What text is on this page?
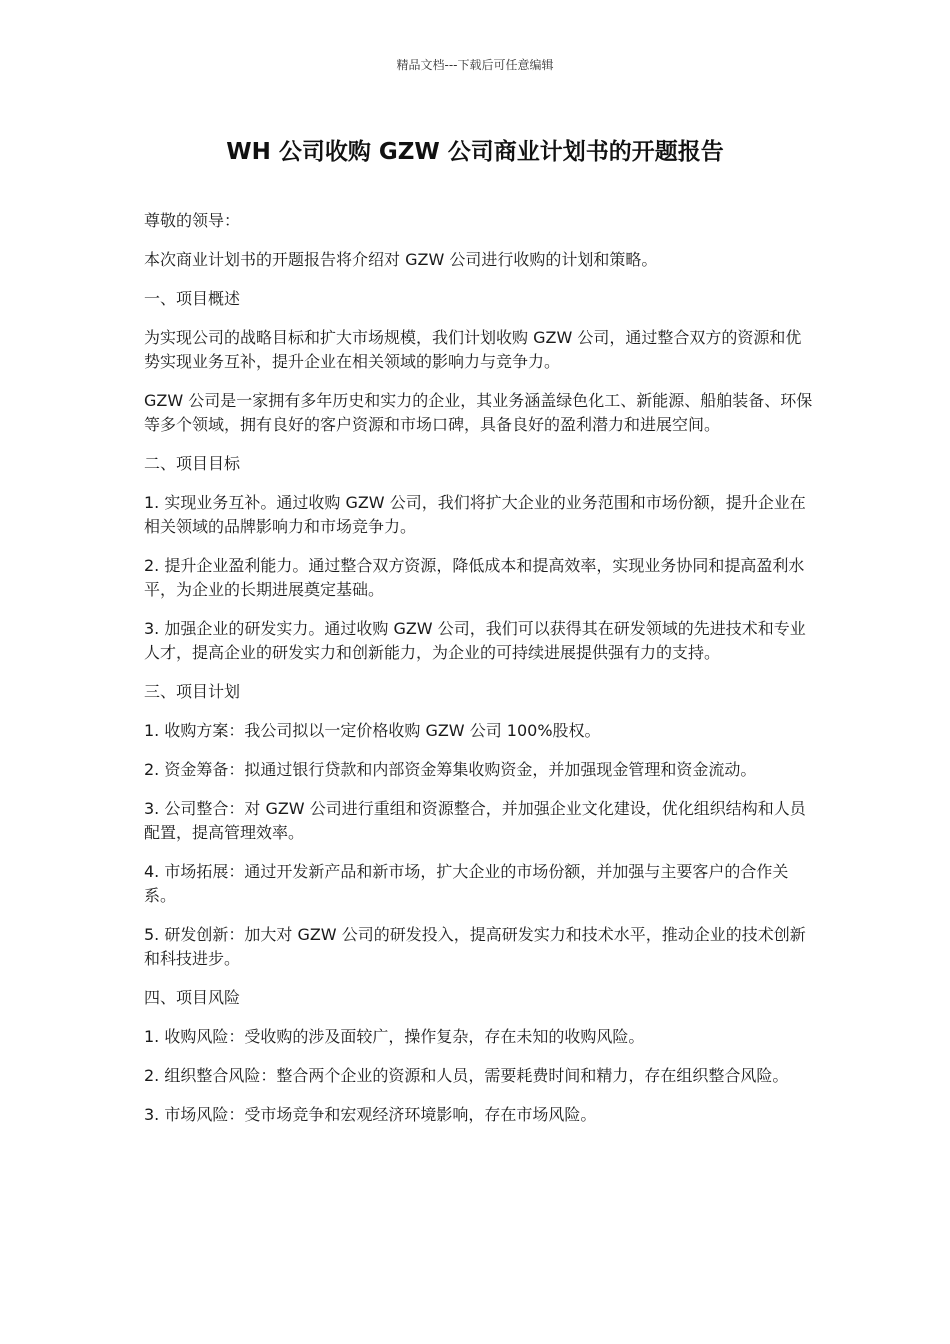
精品文档---下载后可任意编辑
WH 公司收购 GZW 公司商业计划书的开题报告

尊敬的领导：

本次商业计划书的开题报告将介绍对 GZW 公司进行收购的计划和策略。

一、项目概述

为实现公司的战略目标和扩大市场规模，我们计划收购 GZW 公司，通过整合双方的资源和优势实现业务互补，提升企业在相关领域的影响力与竞争力。

GZW 公司是一家拥有多年历史和实力的企业，其业务涵盖绿色化工、新能源、船舶装备、环保等多个领域，拥有良好的客户资源和市场口碑，具备良好的盈利潜力和进展空间。

二、项目目标

1. 实现业务互补。通过收购 GZW 公司，我们将扩大企业的业务范围和市场份额，提升企业在相关领域的品牌影响力和市场竞争力。

2. 提升企业盈利能力。通过整合双方资源，降低成本和提高效率，实现业务协同和提高盈利水平，为企业的长期进展奠定基础。

3. 加强企业的研发实力。通过收购 GZW 公司，我们可以获得其在研发领域的先进技术和专业人才，提高企业的研发实力和创新能力，为企业的可持续进展提供强有力的支持。

三、项目计划

1. 收购方案：我公司拟以一定价格收购 GZW 公司 100%股权。

2. 资金筹备：拟通过银行贷款和内部资金筹集收购资金，并加强现金管理和资金流动。

3. 公司整合：对 GZW 公司进行重组和资源整合，并加强企业文化建设，优化组织结构和人员配置，提高管理效率。

4. 市场拓展：通过开发新产品和新市场，扩大企业的市场份额，并加强与主要客户的合作关系。

5. 研发创新：加大对 GZW 公司的研发投入，提高研发实力和技术水平，推动企业的技术创新和科技进步。

四、项目风险

1. 收购风险：受收购的涉及面较广，操作复杂，存在未知的收购风险。

2. 组织整合风险：整合两个企业的资源和人员，需要耗费时间和精力，存在组织整合风险。

3. 市场风险：受市场竞争和宏观经济环境影响，存在市场风险。
